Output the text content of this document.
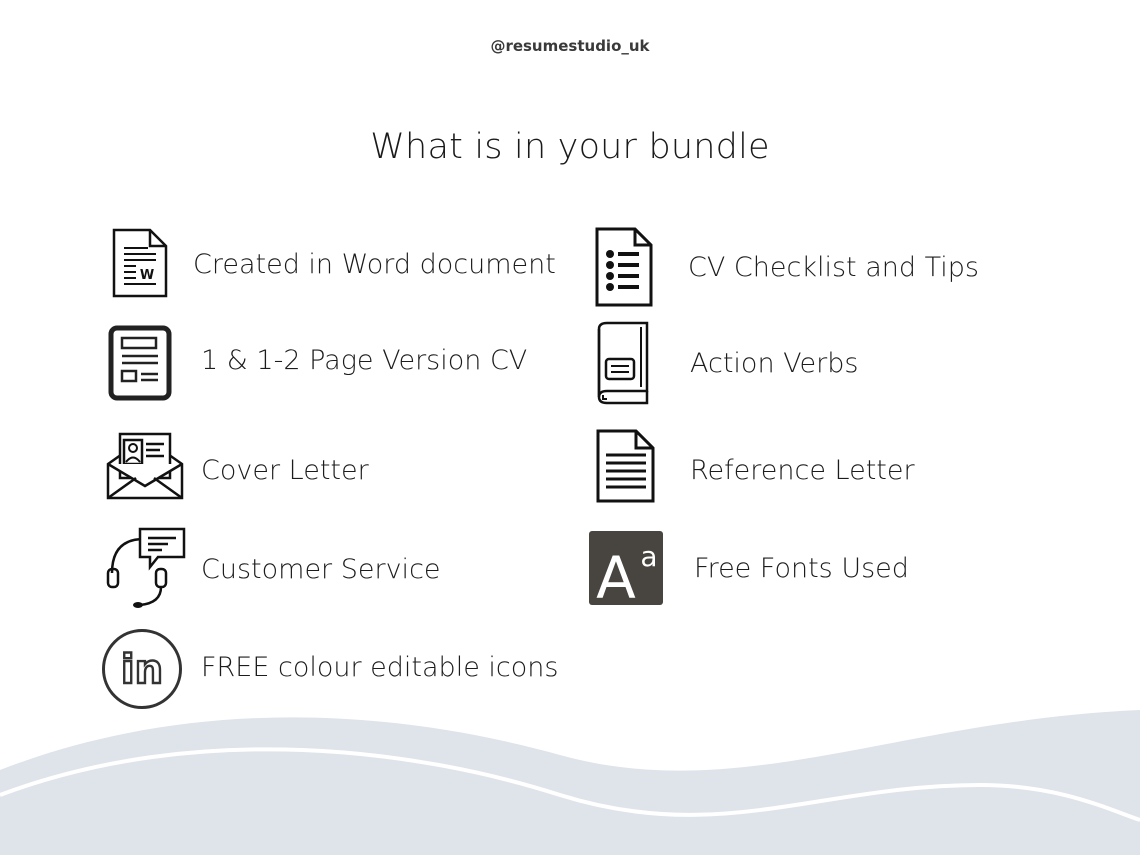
@resumestudio_uk
What is in your bundle
W Created in Word document
1 & 1-2 Page Version CV
Cover Letter
Customer Service
in FREE colour editable icons
CV Checklist and Tips
Action Verbs
Reference Letter
A a Free Fonts Used
